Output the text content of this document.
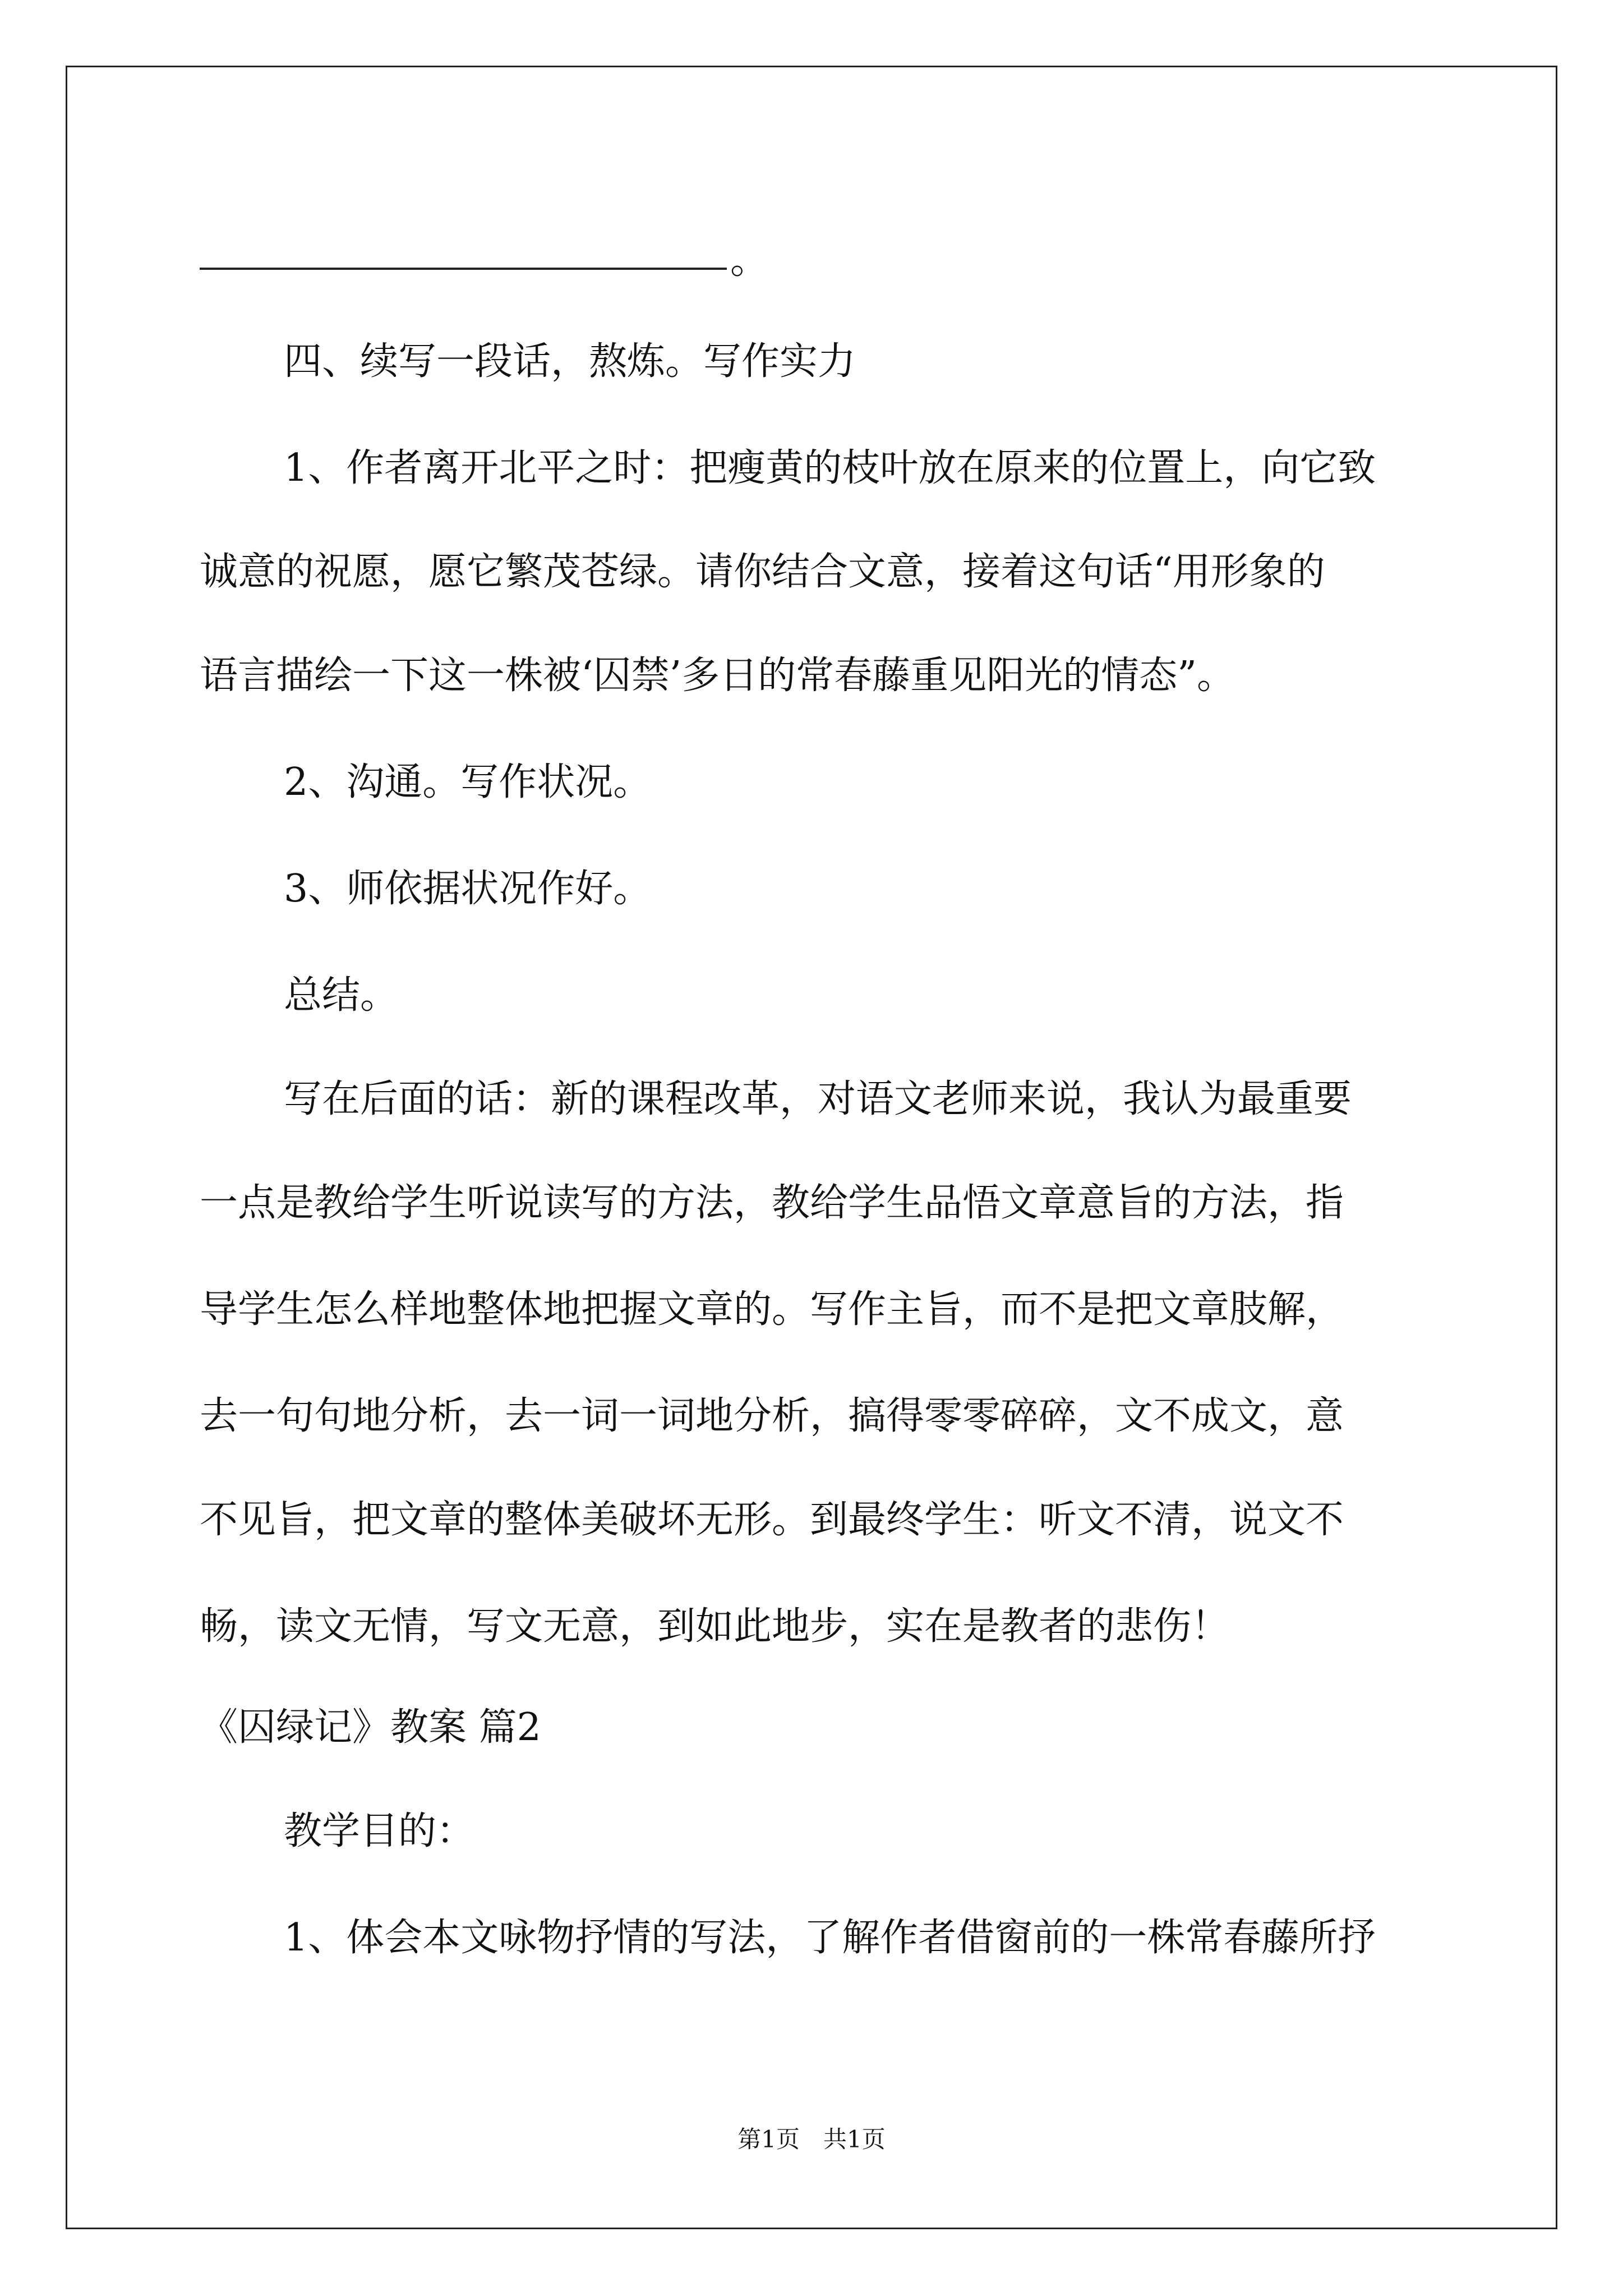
。
四、续写一段话，熬炼。写作实力
1、作者离开北平之时：把瘦黄的枝叶放在原来的位置上，向它致
诚意的祝愿，愿它繁茂苍绿。请你结合文意，接着这句话“用形象的
语言描绘一下这一株被‘囚禁’多日的常春藤重见阳光的情态”。
2、沟通。写作状况。
3、师依据状况作好。
总结。
写在后面的话：新的课程改革，对语文老师来说，我认为最重要
一点是教给学生听说读写的方法，教给学生品悟文章意旨的方法，指
导学生怎么样地整体地把握文章的。写作主旨，而不是把文章肢解，
去一句句地分析，去一词一词地分析，搞得零零碎碎，文不成文，意
不见旨，把文章的整体美破坏无形。到最终学生：听文不清，说文不
畅，读文无情，写文无意，到如此地步，实在是教者的悲伤！
《囚绿记》教案 篇2
教学目的：
1、体会本文咏物抒情的写法，了解作者借窗前的一株常春藤所抒
第1页　共1页
